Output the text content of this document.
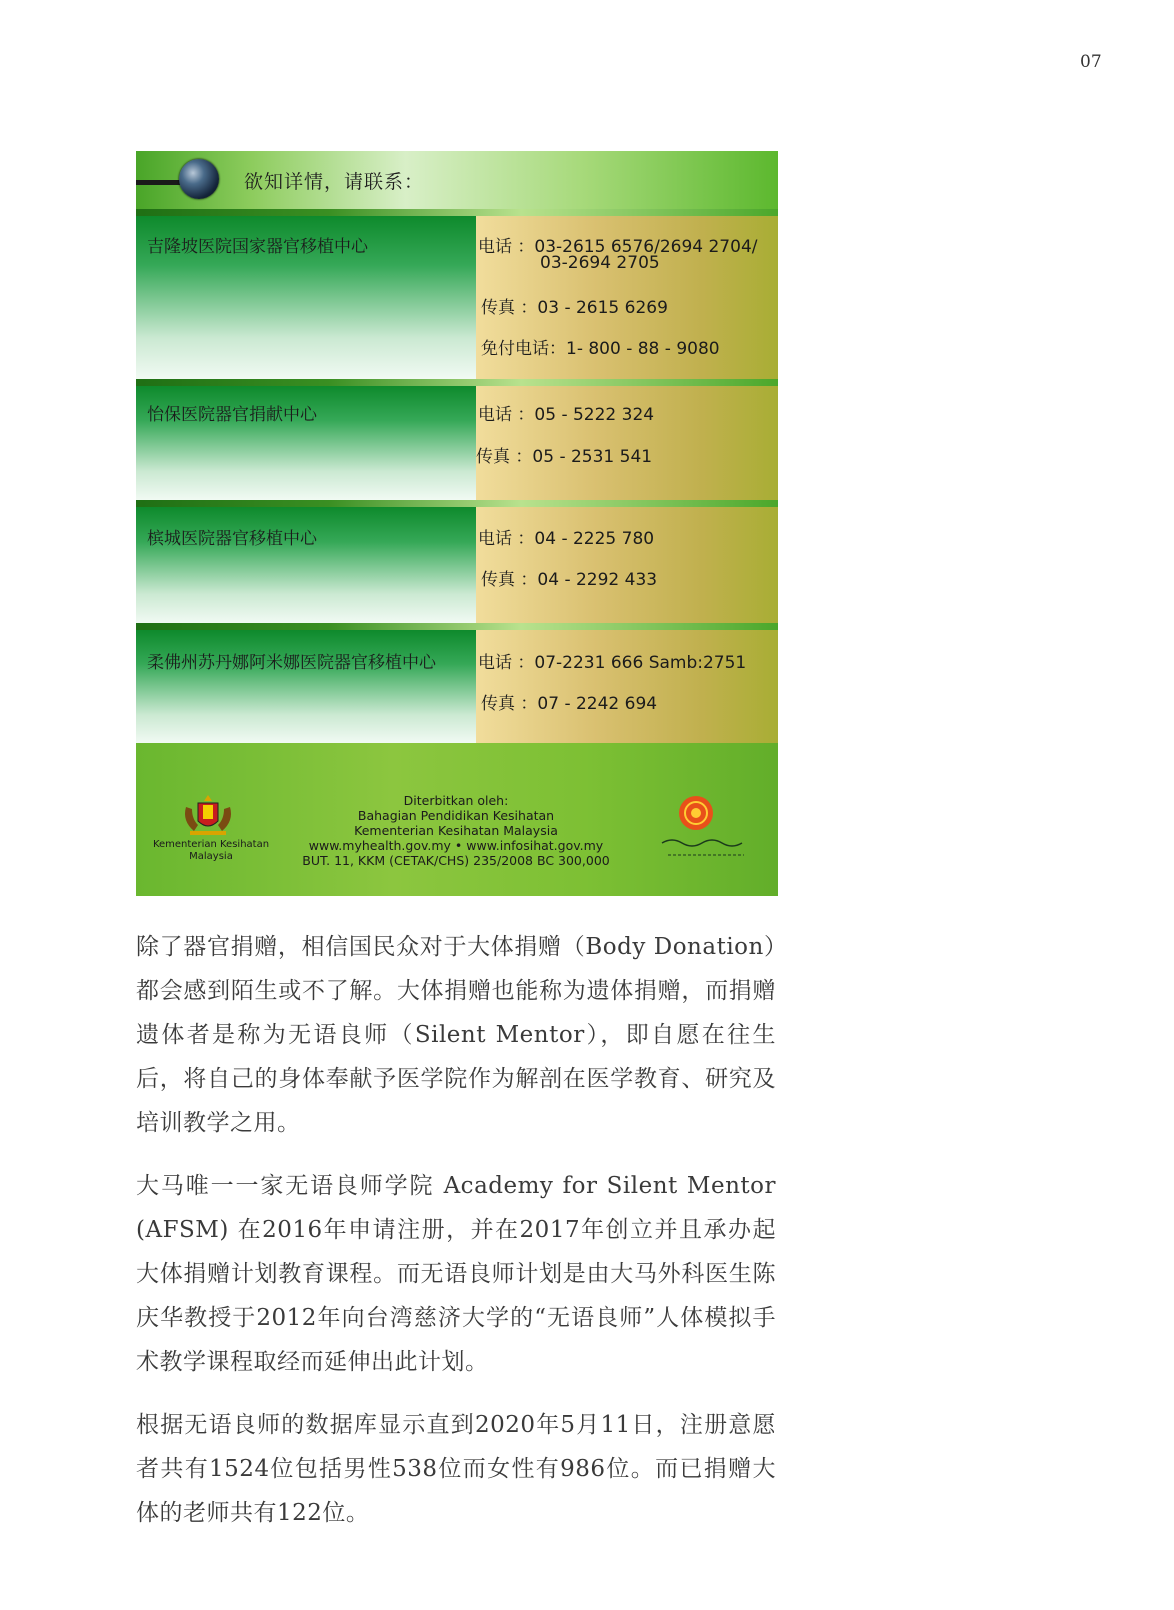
07
欲知详情，请联系：
吉隆坡医院国家器官移植中心	电话 ：03-2615 6576/2694 2704/
03-2694 2705
传真 ：03 - 2615 6269
免付电话：1- 800 - 88 - 9080
怡保医院器官捐献中心	电话 ：05 - 5222 324
传真 ：05 - 2531 541
槟城医院器官移植中心	电话 ：04 - 2225 780
传真 ：04 - 2292 433
柔佛州苏丹娜阿米娜医院器官移植中心 电话 ：07-2231 666 Samb:2751
传真 ：07 - 2242 694
Kementerian Kesihatan
Malaysia
Diterbitkan oleh:
Bahagian Pendidikan Kesihatan
Kementerian Kesihatan Malaysia
www.myhealth.gov.my • www.infosihat.gov.my
BUT. 11, KKM (CETAK/CHS) 235/2008 BC 300,000

除了器官捐赠，相信国民众对于大体捐赠（Body Donation）都会感到陌生或不了解。大体捐赠也能称为遗体捐赠，而捐赠遗体者是称为无语良师（Silent Mentor），即自愿在往生后，将自己的身体奉献予医学院作为解剖在医学教育、研究及培训教学之用。

大马唯一一家无语良师学院 Academy for Silent Mentor (AFSM) 在2016年申请注册，并在2017年创立并且承办起大体捐赠计划教育课程。而无语良师计划是由大马外科医生陈庆华教授于2012年向台湾慈济大学的“无语良师”人体模拟手术教学课程取经而延伸出此计划。

根据无语良师的数据库显示直到2020年5月11日，注册意愿者共有1524位包括男性538位而女性有986位。而已捐赠大体的老师共有122位。
